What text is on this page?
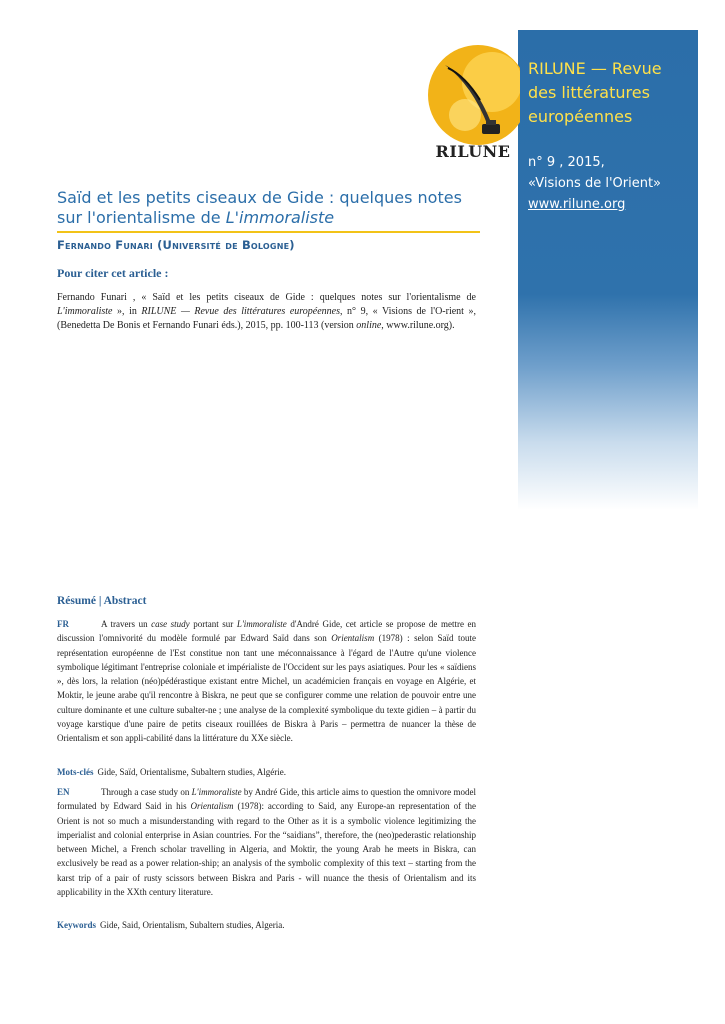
RILUNE
RILUNE — Revue des littératures européennes
n° 9 , 2015,
«Visions de l'Orient»
www.rilune.org
Saïd et les petits ciseaux de Gide : quelques notes sur l'orientalisme de L'immoraliste
Fernando Funari (Université de Bologne)
Pour citer cet article :
Fernando Funari , « Saïd et les petits ciseaux de Gide : quelques notes sur l'orientalisme de L'immoraliste », in RILUNE — Revue des littératures européennes, n° 9, « Visions de l'O-rient », (Benedetta De Bonis et Fernando Funari éds.), 2015, pp. 100-113 (version online, www.rilune.org).
Résumé | Abstract
FR	A travers un case study portant sur L'immoraliste d'André Gide, cet article se propose de mettre en discussion l'omnivorité du modèle formulé par Edward Saïd dans son Orientalism (1978) : selon Saïd toute représentation européenne de l'Est constitue non tant une méconnaissance à l'égard de l'Autre qu'une violence symbolique légitimant l'entreprise coloniale et impérialiste de l'Occident sur les pays asiatiques. Pour les « saïdiens », dès lors, la relation (néo)pédérastique existant entre Michel, un académicien français en voyage en Algérie, et Moktir, le jeune arabe qu'il rencontre à Biskra, ne peut que se configurer comme une relation de pouvoir entre une culture dominante et une culture subalter-ne ; une analyse de la complexité symbolique du texte gidien – à partir du voyage karstique d'une paire de petits ciseaux rouillées de Biskra à Paris – permettra de nuancer la thèse de Orientalism et son appli-cabilité dans la littérature du XXe siècle.
Mots-clés Gide, Saïd, Orientalisme, Subaltern studies, Algérie.
EN	Through a case study on L'immoraliste by André Gide, this article aims to question the omnivore model formulated by Edward Said in his Orientalism (1978): according to Said, any Europe-an representation of the Orient is not so much a misunderstanding with regard to the Other as it is a symbolic violence legitimizing the imperialist and colonial enterprise in Asian countries. For the “saidians”, therefore, the (neo)pederastic relationship between Michel, a French scholar travelling in Algeria, and Moktir, the young Arab he meets in Biskra, can exclusively be read as a power relation-ship; an analysis of the symbolic complexity of this text – starting from the karst trip of a pair of rusty scissors between Biskra and Paris - will nuance the thesis of Orientalism and its applicability in the XXth century literature.
Keywords Gide, Said, Orientalism, Subaltern studies, Algeria.
